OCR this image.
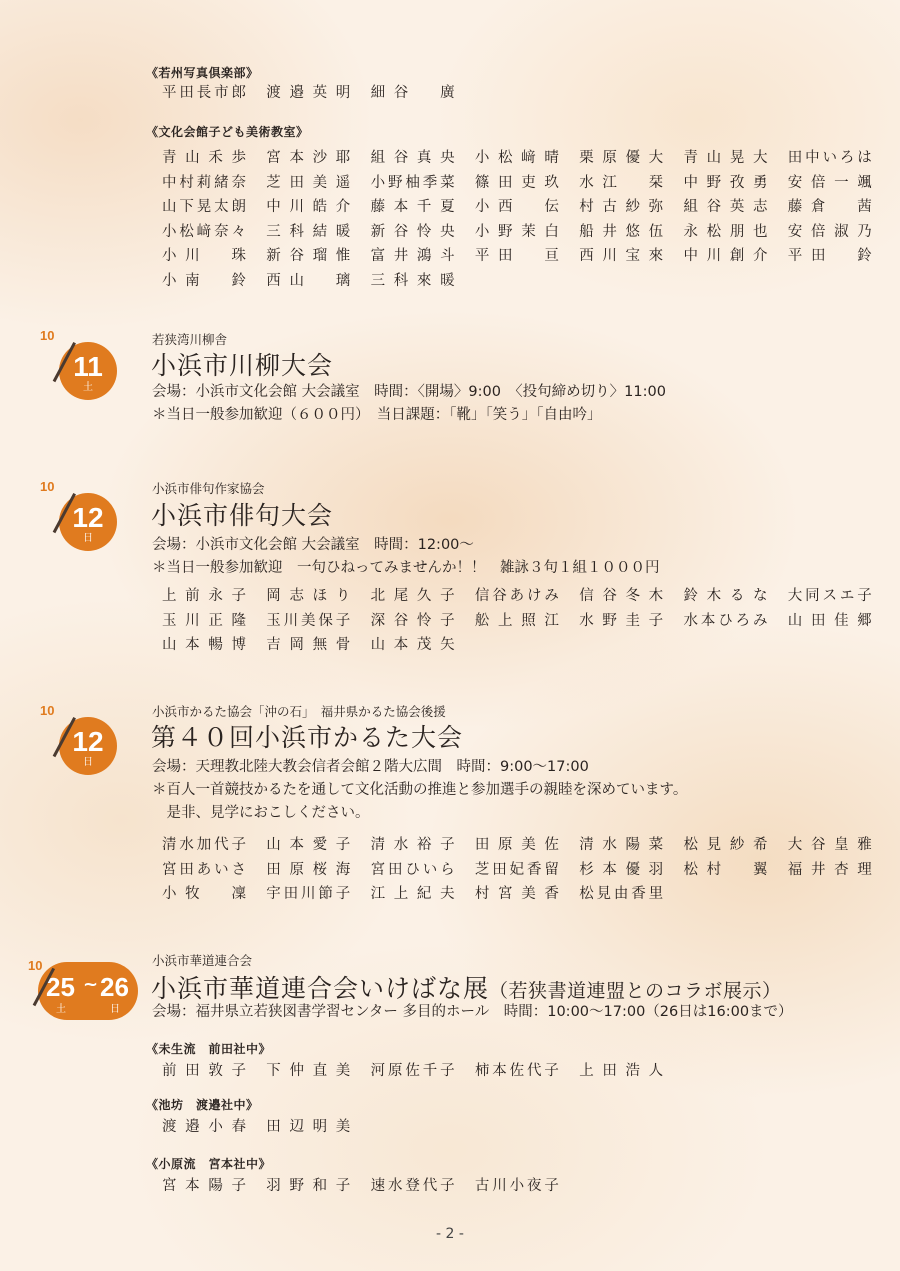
《若州写真倶楽部》
平田長市郎 渡邉英明 細谷　廣
《文化会館子ども美術教室》
青山禾歩 宮本沙耶 組谷真央 小松﨑晴 栗原優大 青山晃大 田中いろは
中村莉緒奈 芝田美遥 小野柚季菜 篠田吏玖 水江　栞 中野孜勇 安倍一颯
山下晃太朗 中川皓介 藤本千夏 小西　伝 村古紗弥 組谷英志 藤倉　茜
小松﨑奈々 三科結暖 新谷怜央 小野茉白 船井悠伍 永松朋也 安倍淑乃
小川　珠 新谷瑠惟 富井鴻斗 平田　亘 西川宝來 中川創介 平田　鈴
小南　鈴 西山　璃 三科來暖
10
11
土
若狭湾川柳舎
小浜市川柳大会
会場：小浜市文化会館 大会議室　時間：〈開場〉9:00　〈投句締め切り〉11:00
＊当日一般参加歓迎（６００円）　当日課題：「靴」「笑う」「自由吟」
10
12
日
小浜市俳句作家協会
小浜市俳句大会
会場：小浜市文化会館 大会議室　時間：12:00〜
＊当日一般参加歓迎　一句ひねってみませんか！！　雑詠３句１組１０００円
上前永子 岡志ほり 北尾久子 信谷あけみ 信谷冬木 鈴木るな 大同スエ子
玉川正隆 玉川美保子 深谷怜子 舩上照江 水野圭子 水本ひろみ 山田佳郷
山本暢博 吉岡無骨 山本茂矢
10
12
日
小浜市かるた協会「沖の石」　福井県かるた協会後援
第４０回小浜市かるた大会
会場：天理教北陸大教会信者会館２階大広間　時間：9:00〜17:00
＊百人一首競技かるたを通して文化活動の推進と参加選手の親睦を深めています。
　是非、見学におこしください。
清水加代子 山本愛子 清水裕子 田原美佐 清水陽菜 松見紗希 大谷皇雅
宮田あいさ 田原桜海 宮田ひいら 芝田妃香留 杉本優羽 松村　翼 福井杏理
小牧　凜 宇田川節子 江上紀夫 村宮美香 松見由香里
10
25 ~ 26
土	日
小浜市華道連合会
小浜市華道連合会いけばな展（若狭書道連盟とのコラボ展示）
会場：福井県立若狭図書学習センター 多目的ホール　時間：10:00〜17:00（26日は16:00まで）
《未生流　前田社中》
前田敦子 下仲直美 河原佐千子 柿本佐代子 上田浩人
《池坊　渡邉社中》
渡邉小春 田辺明美
《小原流　宮本社中》
宮本陽子 羽野和子 速水登代子 古川小夜子
- 2 -
